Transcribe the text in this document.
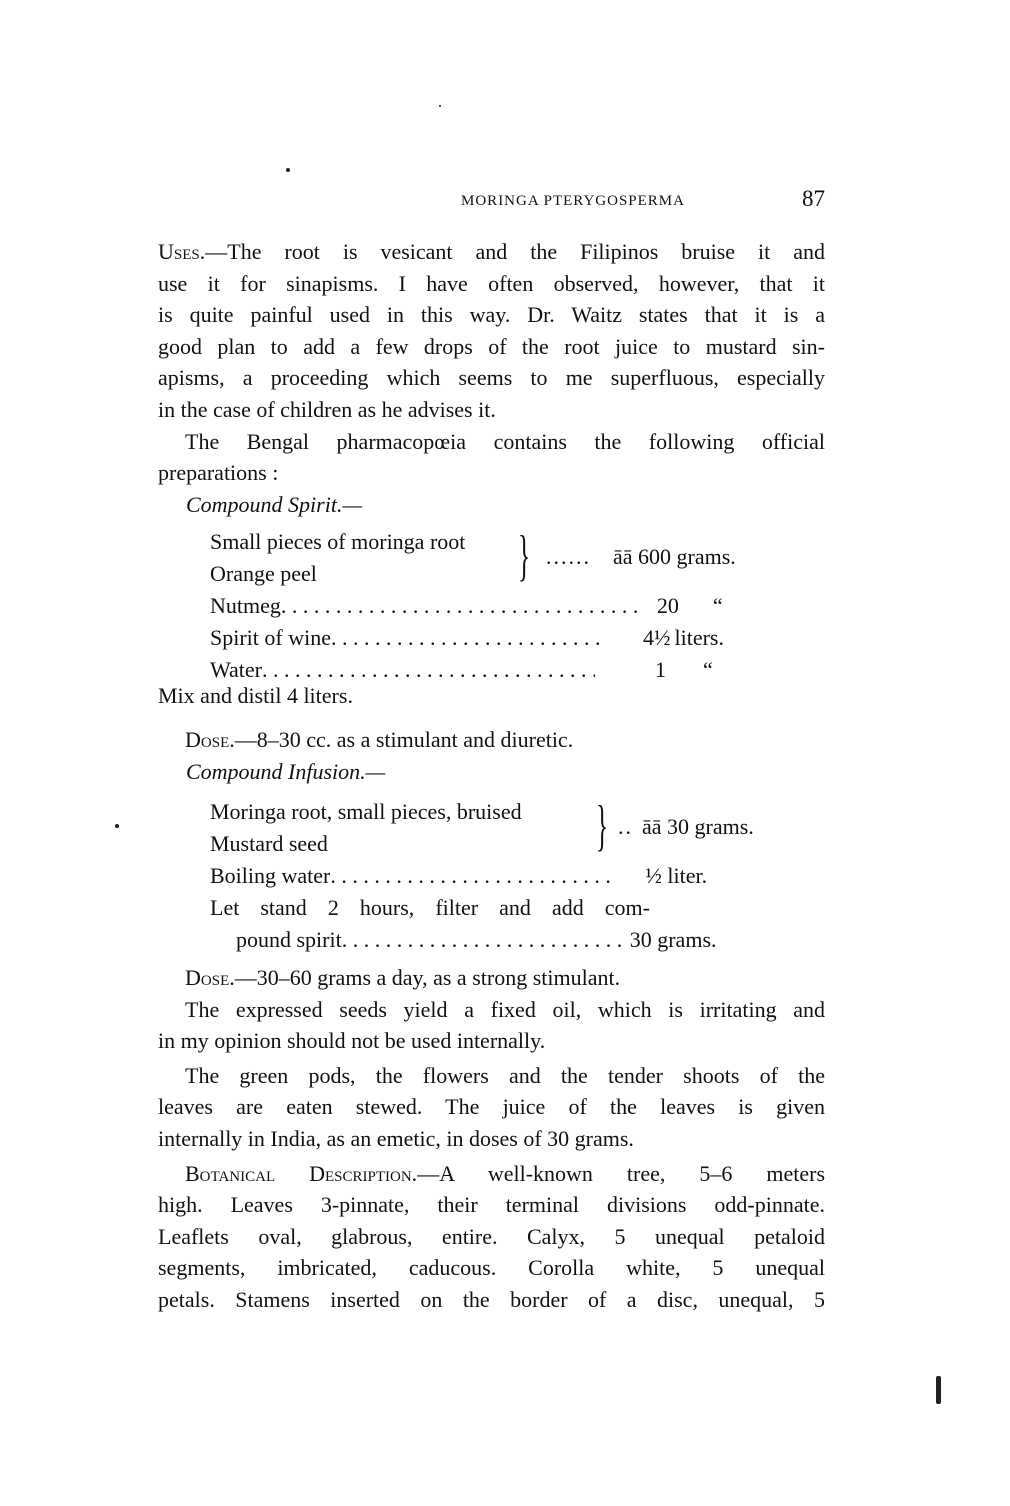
MORINGA PTERYGOSPERMA	87
Uses.—The root is vesicant and the Filipinos bruise it and
use it for sinapisms. I have often observed, however, that it
is quite painful used in this way. Dr. Waitz states that it is a
good plan to add a few drops of the root juice to mustard sin-
apisms, a proceeding which seems to me superfluous, especially
in the case of children as he advises it.
The Bengal pharmacopœia contains the following official
preparations :
Compound Spirit.—
Small pieces of moringa root
Orange peel	} ...... āā 600 grams.
Nutmeg . . .	20	“
Spirit of wine . . .	4½ liters.
Water . . .	1	“
Mix and distil 4 liters.
Dose.—8–30 cc. as a stimulant and diuretic.
Compound Infusion.—
Moringa root, small pieces, bruised
Mustard seed	} .. āā 30 grams.
Boiling water . . .	½ liter.
Let stand 2 hours, filter and add com-
pound spirit . . .	30 grams.
Dose.—30–60 grams a day, as a strong stimulant.
The expressed seeds yield a fixed oil, which is irritating and
in my opinion should not be used internally.
The green pods, the flowers and the tender shoots of the
leaves are eaten stewed. The juice of the leaves is given
internally in India, as an emetic, in doses of 30 grams.
Botanical Description.—A well-known tree, 5–6 meters
high. Leaves 3-pinnate, their terminal divisions odd-pinnate.
Leaflets oval, glabrous, entire. Calyx, 5 unequal petaloid
segments, imbricated, caducous. Corolla white, 5 unequal
petals. Stamens inserted on the border of a disc, unequal, 5
